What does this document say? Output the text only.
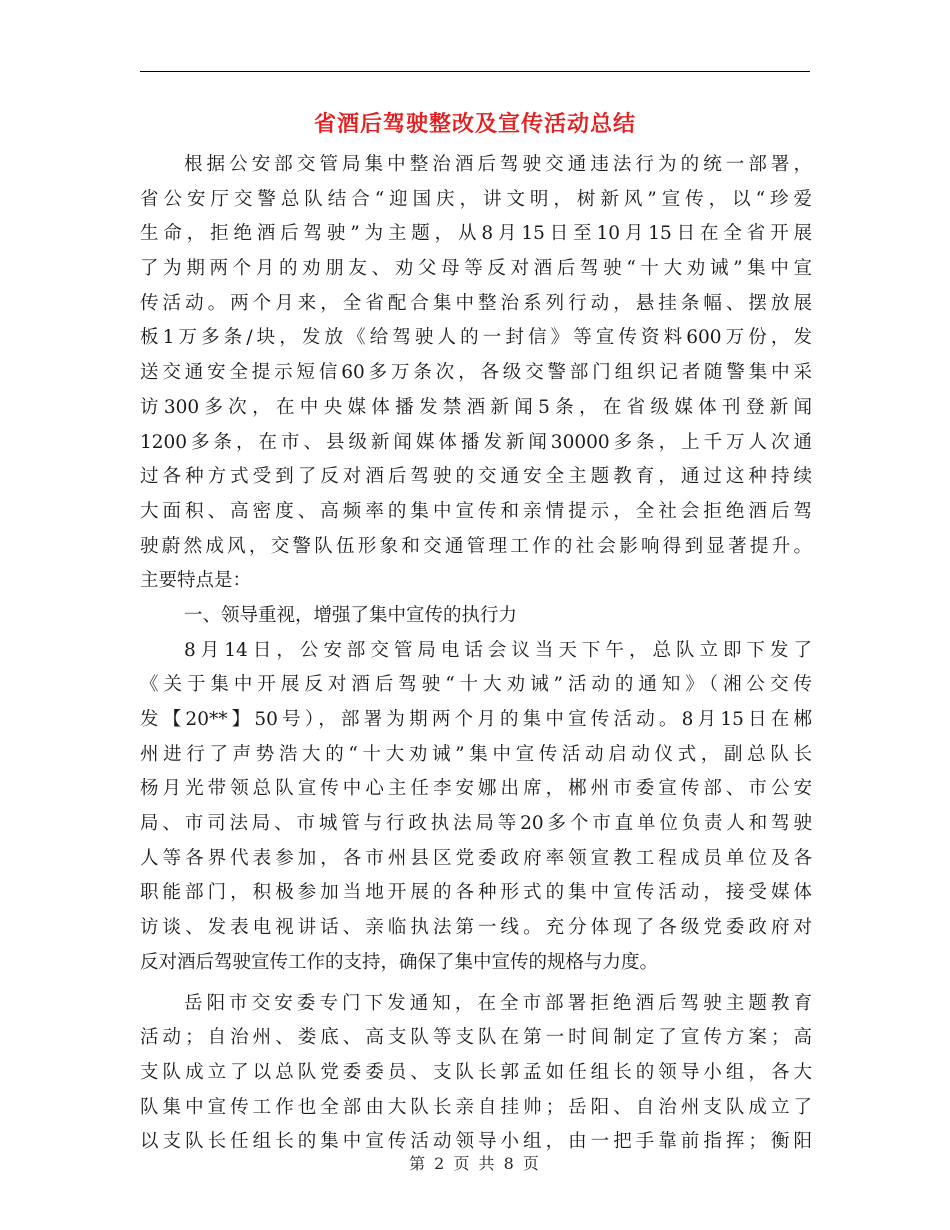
省酒后驾驶整改及宣传活动总结
根据公安部交管局集中整治酒后驾驶交通违法行为的统一部署，
省公安厅交警总队结合“迎国庆，讲文明，树新风”宣传，以“珍爱
生命，拒绝酒后驾驶”为主题，从8月15日至10月15日在全省开展
了为期两个月的劝朋友、劝父母等反对酒后驾驶“十大劝诫”集中宣
传活动。两个月来，全省配合集中整治系列行动，悬挂条幅、摆放展
板1万多条/块，发放《给驾驶人的一封信》等宣传资料600万份，发
送交通安全提示短信60多万条次，各级交警部门组织记者随警集中采
访300多次，在中央媒体播发禁酒新闻5条，在省级媒体刊登新闻
1200多条，在市、县级新闻媒体播发新闻30000多条，上千万人次通
过各种方式受到了反对酒后驾驶的交通安全主题教育，通过这种持续
大面积、高密度、高频率的集中宣传和亲情提示，全社会拒绝酒后驾
驶蔚然成风，交警队伍形象和交通管理工作的社会影响得到显著提升。
主要特点是：
一、领导重视，增强了集中宣传的执行力
8月14日，公安部交管局电话会议当天下午，总队立即下发了
《关于集中开展反对酒后驾驶“十大劝诫”活动的通知》（湘公交传
发【20**】50号），部署为期两个月的集中宣传活动。8月15日在郴
州进行了声势浩大的“十大劝诫”集中宣传活动启动仪式，副总队长
杨月光带领总队宣传中心主任李安娜出席，郴州市委宣传部、市公安
局、市司法局、市城管与行政执法局等20多个市直单位负责人和驾驶
人等各界代表参加，各市州县区党委政府率领宣教工程成员单位及各
职能部门，积极参加当地开展的各种形式的集中宣传活动，接受媒体
访谈、发表电视讲话、亲临执法第一线。充分体现了各级党委政府对
反对酒后驾驶宣传工作的支持，确保了集中宣传的规格与力度。
岳阳市交安委专门下发通知，在全市部署拒绝酒后驾驶主题教育
活动；自治州、娄底、高支队等支队在第一时间制定了宣传方案；高
支队成立了以总队党委委员、支队长郭孟如任组长的领导小组，各大
队集中宣传工作也全部由大队长亲自挂帅；岳阳、自治州支队成立了
以支队长任组长的集中宣传活动领导小组，由一把手靠前指挥；衡阳
第 2 页 共 8 页
